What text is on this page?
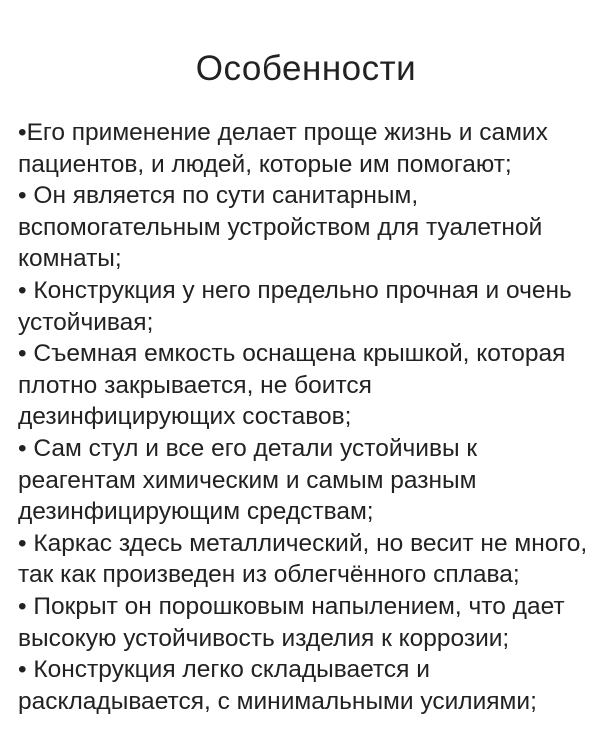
Особенности

•Его применение делает проще жизнь и самих пациентов, и людей, которые им помогают;

• Он является по сути санитарным, вспомогательным устройством для туалетной комнаты;

• Конструкция у него предельно прочная и очень устойчивая;

• Съемная емкость оснащена крышкой, которая плотно закрывается, не боится дезинфицирующих составов;

• Сам стул и все его детали устойчивы к реагентам химическим и самым разным дезинфицирующим средствам;

• Каркас здесь металлический, но весит не много, так как произведен из облегчённого сплава;

• Покрыт он порошковым напылением, что дает высокую устойчивость изделия к коррозии;

• Конструкция легко складывается и раскладывается, с минимальными усилиями;
